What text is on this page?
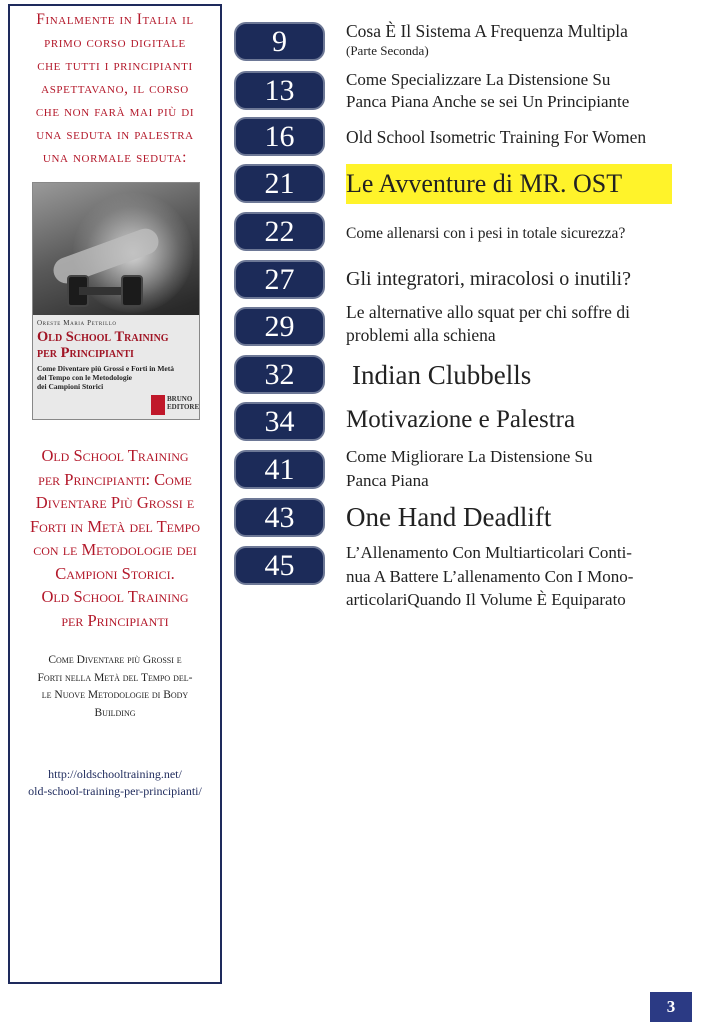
Finalmente in Italia il
primo corso digitale
che tutti i principianti
aspettavano, il corso
che non farà mai più di
una seduta in palestra
una normale seduta:
Oreste Maria Petrillo
Old School Training
per Principianti
Come Diventare più Grossi e Forti in Metà
del Tempo con le Metodologie
dei Campioni Storici
BRUNO
EDITORE
Old School Training
per Principianti: Come
Diventare Più Grossi e
Forti in Metà del Tempo
con le Metodologie dei
Campioni Storici.
Old School Training
per Principianti
Come Diventare più Grossi e
Forti nella Metà del Tempo del-
le Nuove Metodologie di Body
Building
http://oldschooltraining.net/
old-school-training-per-principianti/
9	Cosa È Il Sistema A Frequenza Multipla
(Parte Seconda)
13	Come Specializzare La Distensione Su
Panca Piana Anche se sei Un Principiante
16	Old School Isometric Training For Women
21	Le Avventure di MR. OST
22	Come allenarsi con i pesi in totale sicurezza?
27	Gli integratori, miracolosi o inutili?
29	Le alternative allo squat per chi soffre di
problemi alla schiena
32	Indian Clubbells
34	Motivazione e Palestra
41	Come Migliorare La Distensione Su
Panca Piana
43	One Hand Deadlift
45	L’Allenamento Con Multiarticolari Conti-
nua A Battere L’allenamento Con I Mono-
articolariQuando Il Volume È Equiparato
3
